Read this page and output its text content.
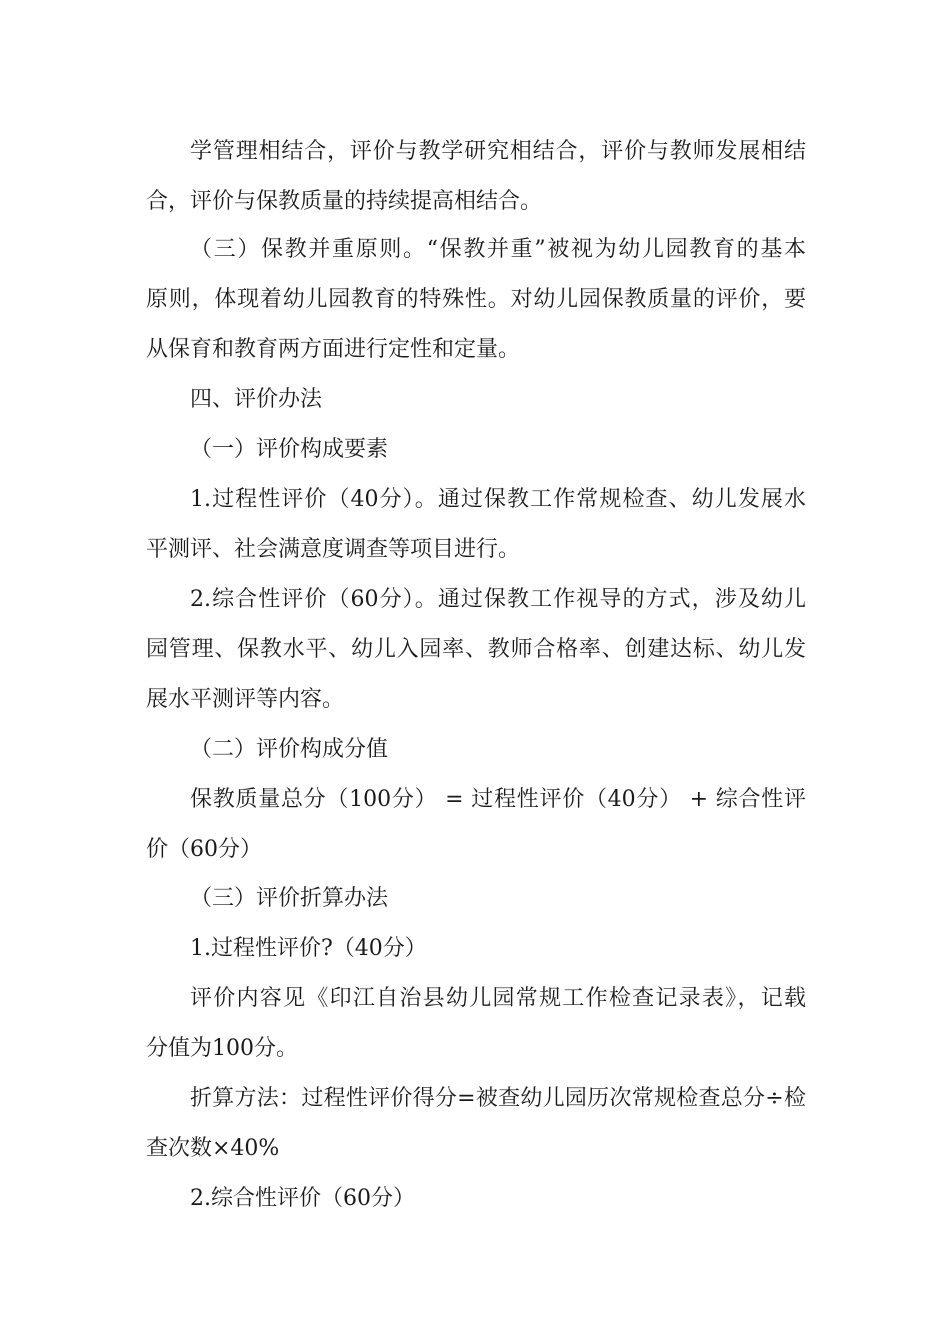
学管理相结合，评价与教学研究相结合，评价与教师发展相结
合，评价与保教质量的持续提高相结合。
（三）保教并重原则。“保教并重”被视为幼儿园教育的基本
原则，体现着幼儿园教育的特殊性。对幼儿园保教质量的评价，要
从保育和教育两方面进行定性和定量。
四、评价办法
（一）评价构成要素
1.过程性评价（40分）。通过保教工作常规检查、幼儿发展水
平测评、社会满意度调查等项目进行。
2.综合性评价（60分）。通过保教工作视导的方式，涉及幼儿
园管理、保教水平、幼儿入园率、教师合格率、创建达标、幼儿发
展水平测评等内容。
（二）评价构成分值
保教质量总分（100分） = 过程性评价（40分） + 综合性评
价（60分）
（三）评价折算办法
1.过程性评价?（40分）
评价内容见《印江自治县幼儿园常规工作检查记录表》，记载
分值为100分。
折算方法：过程性评价得分=被查幼儿园历次常规检查总分÷检
查次数×40%
2.综合性评价（60分）
